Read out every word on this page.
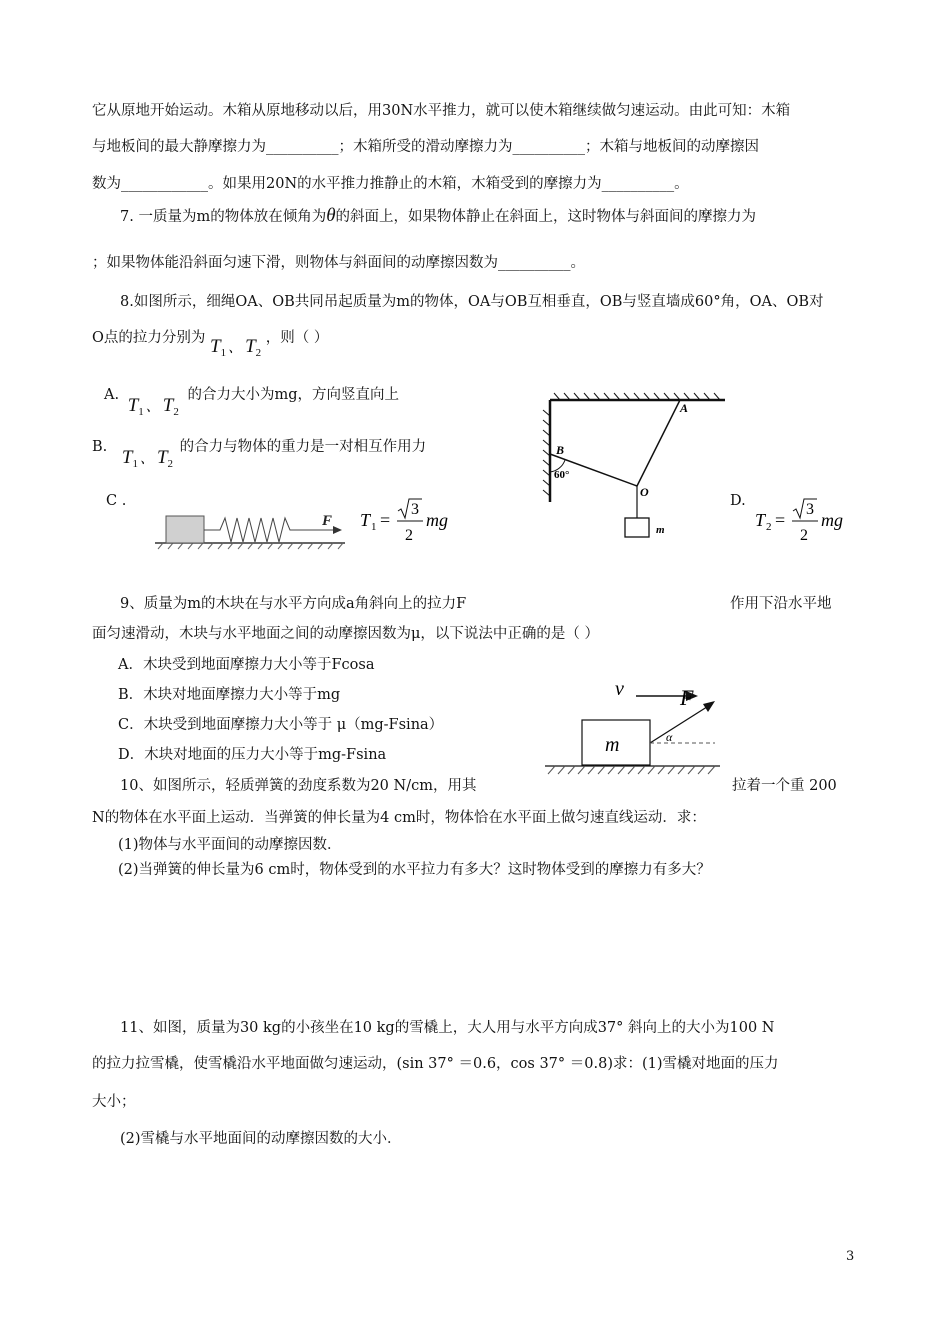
它从原地开始运动。木箱从原地移动以后，用30N水平推力，就可以使木箱继续做匀速运动。由此可知：木箱
与地板间的最大静摩擦力为__________；木箱所受的滑动摩擦力为__________；木箱与地板间的动摩擦因
数为____________。如果用20N的水平推力推静止的木箱，木箱受到的摩擦力为__________。
7. 一质量为m的物体放在倾角为θ的斜面上，如果物体静止在斜面上，这时物体与斜面间的摩擦力为
；如果物体能沿斜面匀速下滑，则物体与斜面间的动摩擦因数为__________。
8.如图所示，细绳OA、OB共同吊起质量为m的物体，OA与OB互相垂直，OB与竖直墙成60°角，OA、OB对
O点的拉力分别为 $T_1$ 、 $T_2$ ，则（ ）
A. $T_1$ 、 $T_2$ 的合力大小为mg，方向竖直向上
B. $T_1$ 、 $T_2$ 的合力与物体的重力是一对相互作用力
C .
F T 1 =
3
2
mg
A
B
O
m
60°
D.
T 2 =
3
2
mg
9、质量为m的木块在与水平方向成a角斜向上的拉力F	作用下沿水平地
面匀速滑动，木块与水平地面之间的动摩擦因数为μ，以下说法中正确的是（ ）
A．木块受到地面摩擦力大小等于Fcosa
B．木块对地面摩擦力大小等于mg
C．木块受到地面摩擦力大小等于 μ（mg-Fsina）
D．木块对地面的压力大小等于mg-Fsina
v	F
m	α
10、如图所示，轻质弹簧的劲度系数为20 N/cm，用其	拉着一个重 200
N的物体在水平面上运动．当弹簧的伸长量为4 cm时，物体恰在水平面上做匀速直线运动．求：
(1)物体与水平面间的动摩擦因数．
(2)当弹簧的伸长量为6 cm时，物体受到的水平拉力有多大？这时物体受到的摩擦力有多大？
11、如图，质量为30 kg的小孩坐在10 kg的雪橇上，大人用与水平方向成37° 斜向上的大小为100 N
的拉力拉雪橇，使雪橇沿水平地面做匀速运动，(sin 37° ＝0.6，cos 37° ＝0.8)求：(1)雪橇对地面的压力
大小；
(2)雪橇与水平地面间的动摩擦因数的大小．
3
